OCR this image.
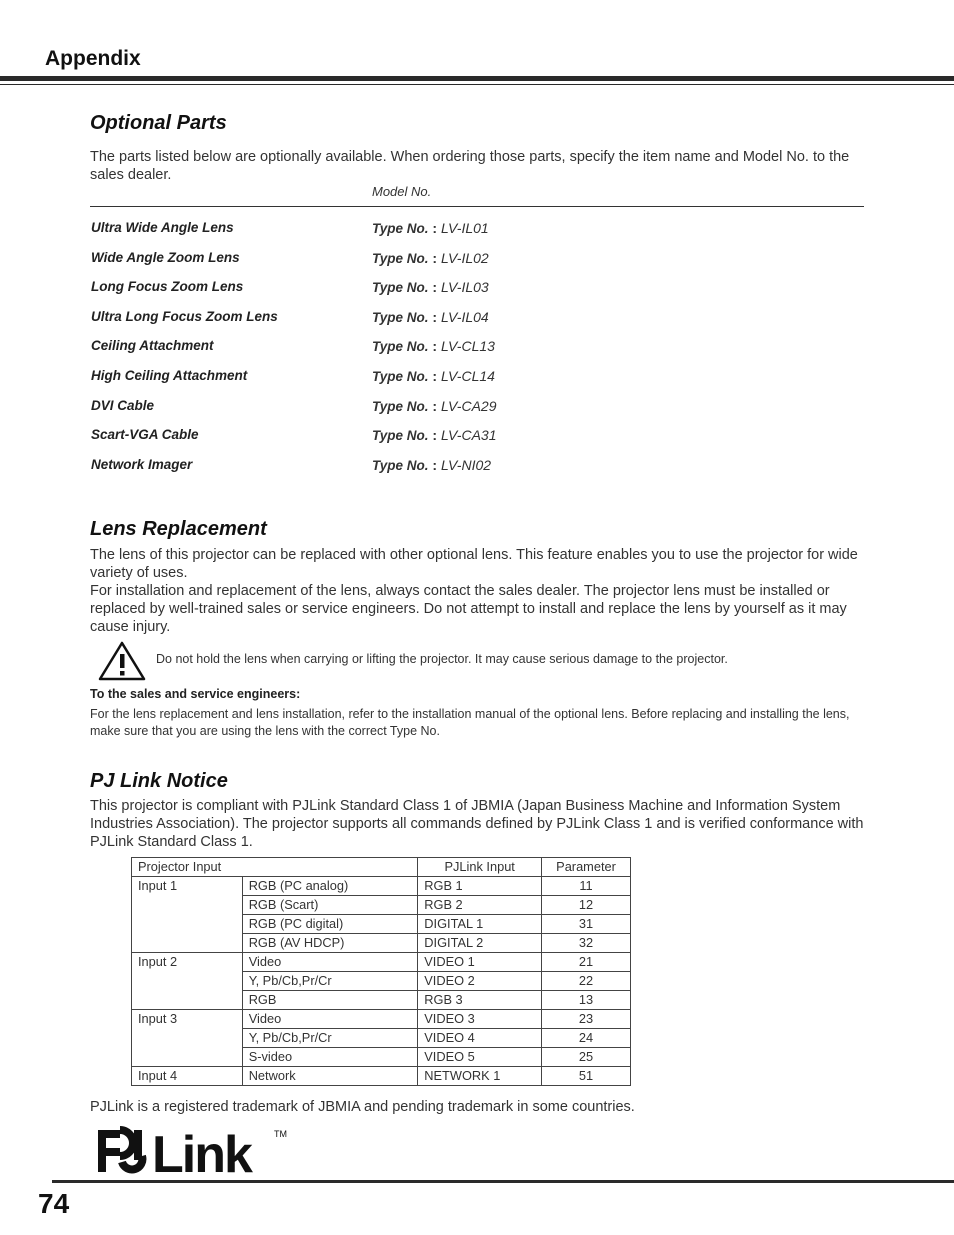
Appendix
Optional Parts
The parts listed below are optionally available. When ordering those parts, specify the item name and Model No. to the sales dealer.
Model No.
Ultra Wide Angle Lens	Type No. : LV-IL01
Wide Angle Zoom Lens	Type No. : LV-IL02
Long Focus Zoom Lens	Type No. : LV-IL03
Ultra Long Focus Zoom Lens	Type No. : LV-IL04
Ceiling Attachment	Type No. : LV-CL13
High Ceiling Attachment	Type No. : LV-CL14
DVI Cable	Type No. : LV-CA29
Scart-VGA Cable	Type No. : LV-CA31
Network Imager	Type No. : LV-NI02
Lens Replacement
The lens of this projector can be replaced with other optional lens. This feature enables you to use the projector for wide variety of uses.
For installation and replacement of the lens, always contact the sales dealer. The projector lens must be installed or replaced by well-trained sales or service engineers. Do not attempt to install and replace the lens by yourself as it may cause injury.
Do not hold the lens when carrying or lifting the projector. It may cause serious damage to the projector.
To the sales and service engineers:
For the lens replacement and lens installation, refer to the installation manual of the optional lens. Before replacing and installing the lens, make sure that you are using the lens with the correct Type No.
PJ Link Notice
This projector is compliant with PJLink Standard Class 1 of JBMIA (Japan Business Machine and Information System Industries Association). The projector supports all commands defined by PJLink Class 1 and is verified conformance with PJLink Standard Class 1.
Projector Input		PJLink Input	Parameter
Input 1	RGB (PC analog)	RGB 1	11
	RGB (Scart)	RGB 2	12
	RGB (PC digital)	DIGITAL 1	31
	RGB (AV HDCP)	DIGITAL 2	32
Input 2	Video	VIDEO 1	21
	Y, Pb/Cb,Pr/Cr	VIDEO 2	22
	RGB	RGB 3	13
Input 3	Video	VIDEO 3	23
	Y, Pb/Cb,Pr/Cr	VIDEO 4	24
	S-video	VIDEO 5	25
Input 4	Network	NETWORK 1	51
PJLink is a registered trademark of JBMIA and pending trademark in some countries.
Link	TM
74
